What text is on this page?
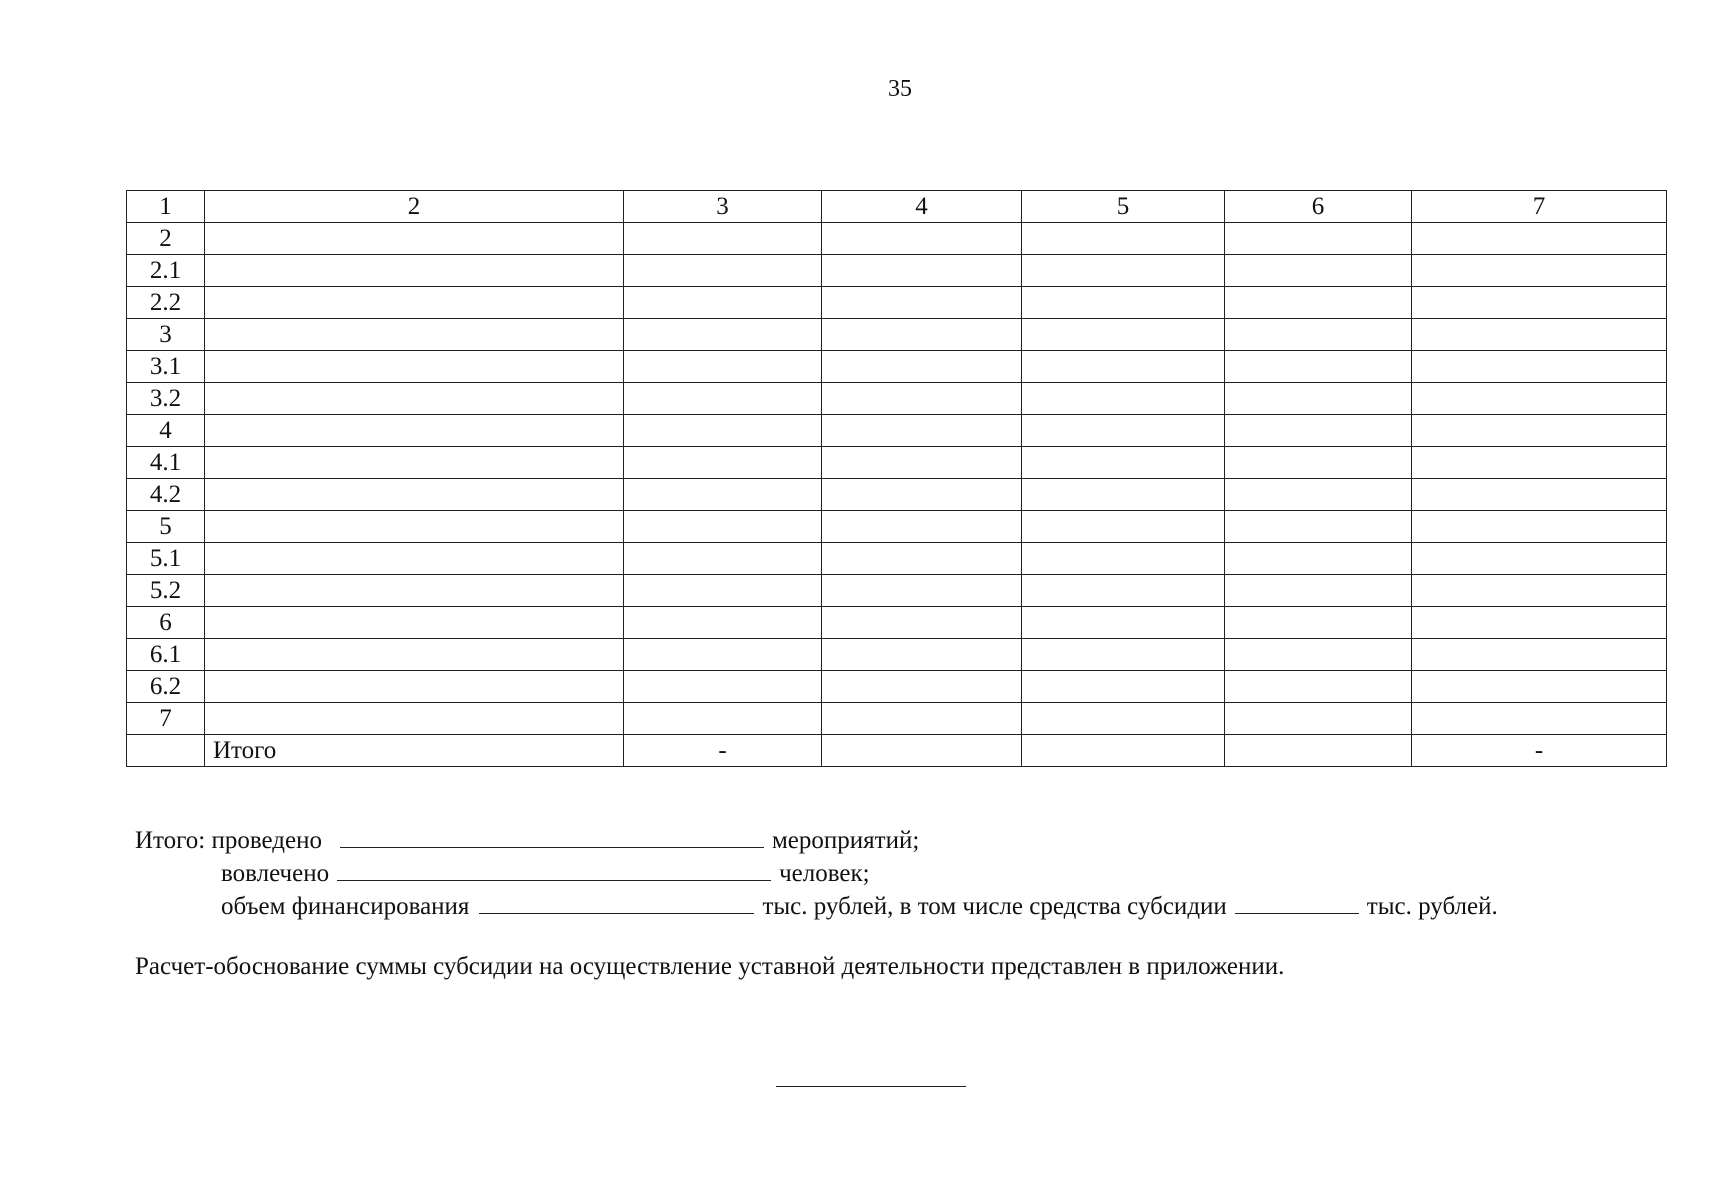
35
1	2	3	4	5	6	7
2						
2.1						
2.2						
3						
3.1						
3.2						
4						
4.1						
4.2						
5						
5.1						
5.2						
6						
6.1						
6.2						
7						
	Итого	-				-
Итого:
проведено	мероприятий;
вовлечено	человек;
объем финансирования	тыс. рублей, в том числе средства субсидии	тыс. рублей.
Расчет-обоснование суммы субсидии на осуществление уставной деятельности представлен в приложении.
